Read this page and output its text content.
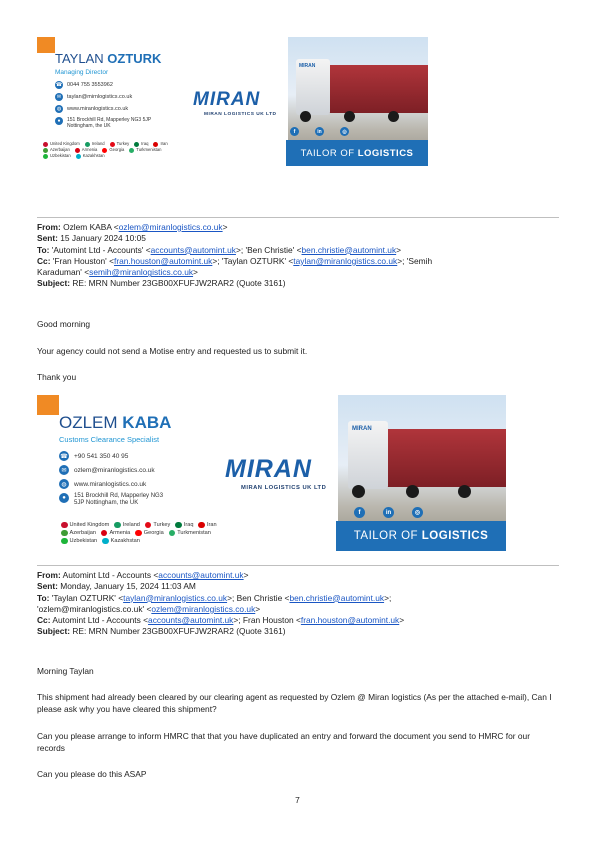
TAYLAN OZTURK
Managing Director
☎ 0044 755 3553962
✉	taylan@mirnlogistics.co.uk
◍	www.miranlogistics.co.uk
●	151 Brockhill Rd, Mapperley NG3 5JP Nottingham, the UK
United Kingdom	Ireland	Turkey	Iraq	Iran
Azerbaijan	Armenia	Georgia	Turkmenistan
Uzbekistan	Kazakhstan
MIRAN
MIRAN LOGISTICS UK LTD
MIRAN
f	in	◎
TAILOR OF LOGISTICS
From: Ozlem KABA <ozlem@miranlogistics.co.uk>
Sent: 15 January 2024 10:05
To: 'Automint Ltd - Accounts' <accounts@automint.uk>; 'Ben Christie' <ben.christie@automint.uk>
Cc: 'Fran Houston' <fran.houston@automint.uk>; 'Taylan OZTURK' <taylan@miranlogistics.co.uk>; 'Semih
Karaduman' <semih@miranlogistics.co.uk>
Subject: RE: MRN Number 23GB00XFUFJW2RAR2 (Quote 3161)
Good morning
Your agency could not send a Motise entry and requested us to submit it.
Thank you
OZLEM KABA
Customs Clearance Specialist
☎ +90 541 350 40 95
✉	ozlem@miranlogistics.co.uk
◍	www.miranlogistics.co.uk
●	151 Brockhill Rd, Mapperley NG3 5JP Nottingham, the UK
United Kingdom Ireland Turkey Iraq Iran
Azerbaijan Armenia Georgia Turkmenistan
Uzbekistan Kazakhstan
MIRAN
MIRAN LOGISTICS UK LTD
MIRAN
f	in	◎
TAILOR OF LOGISTICS
From: Automint Ltd - Accounts <accounts@automint.uk>
Sent: Monday, January 15, 2024 11:03 AM
To: 'Taylan OZTURK' <taylan@miranlogistics.co.uk>; Ben Christie <ben.christie@automint.uk>;
'ozlem@miranlogistics.co.uk' <ozlem@miranlogistics.co.uk>
Cc: Automint Ltd - Accounts <accounts@automint.uk>; Fran Houston <fran.houston@automint.uk>
Subject: RE: MRN Number 23GB00XFUFJW2RAR2 (Quote 3161)
Morning Taylan
This shipment had already been cleared by our clearing agent as requested by Ozlem @ Miran logistics (As per the attached e-mail), Can I please ask why you have cleared this shipment?
Can you please arrange to inform HMRC that that you have duplicated an entry and forward the document you send to HMRC for our records
Can you please do this ASAP
7
